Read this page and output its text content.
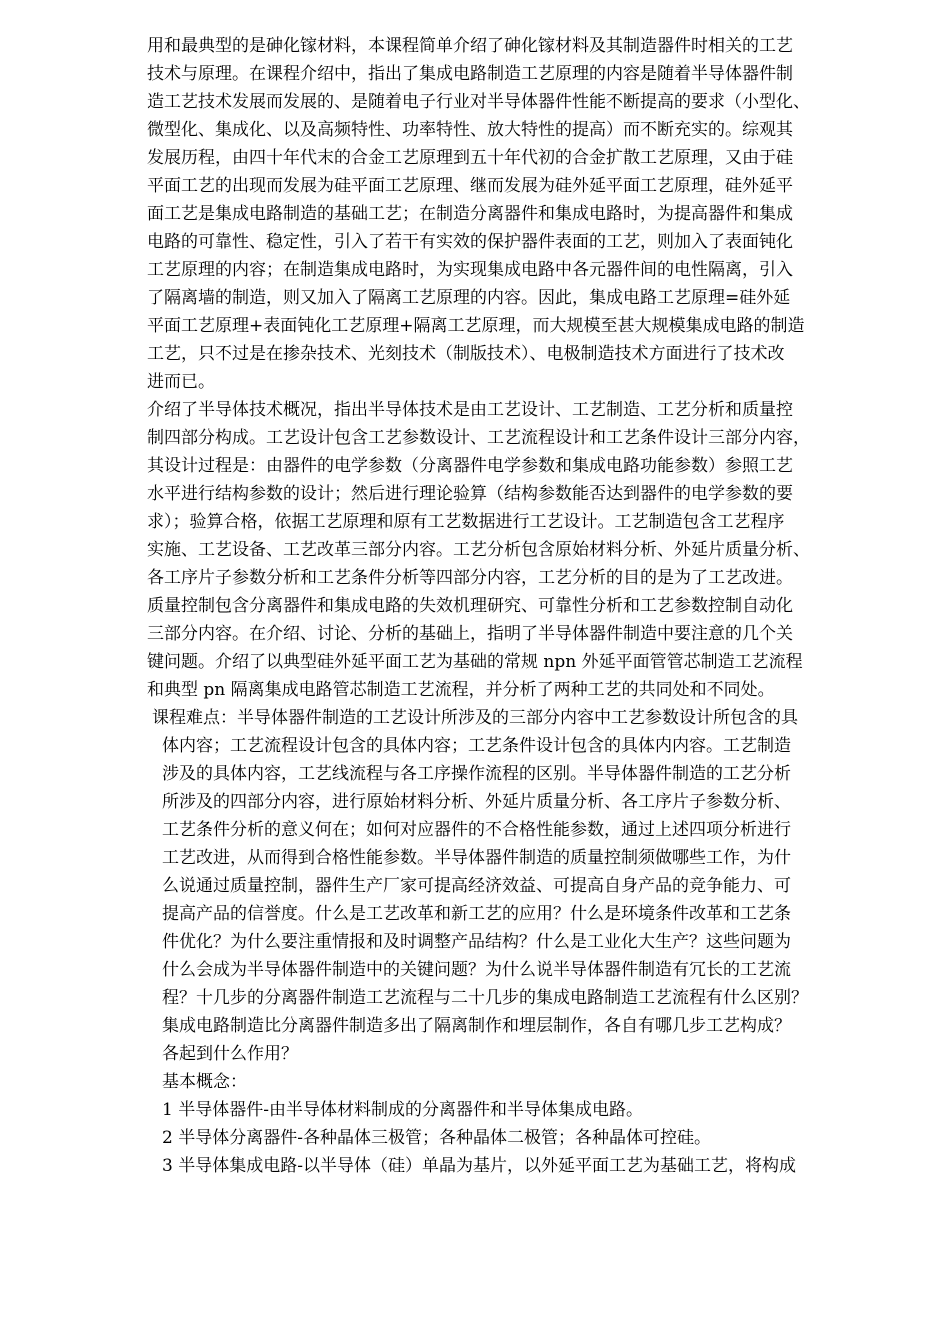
用和最典型的是砷化镓材料，本课程简单介绍了砷化镓材料及其制造器件时相关的工艺

技术与原理。在课程介绍中，指出了集成电路制造工艺原理的内容是随着半导体器件制

造工艺技术发展而发展的、是随着电子行业对半导体器件性能不断提高的要求（小型化、

微型化、集成化、以及高频特性、功率特性、放大特性的提高）而不断充实的。综观其

发展历程，由四十年代末的合金工艺原理到五十年代初的合金扩散工艺原理，又由于硅

平面工艺的出现而发展为硅平面工艺原理、继而发展为硅外延平面工艺原理，硅外延平

面工艺是集成电路制造的基础工艺；在制造分离器件和集成电路时，为提高器件和集成

电路的可靠性、稳定性，引入了若干有实效的保护器件表面的工艺，则加入了表面钝化

工艺原理的内容；在制造集成电路时，为实现集成电路中各元器件间的电性隔离，引入

了隔离墙的制造，则又加入了隔离工艺原理的内容。因此，集成电路工艺原理=硅外延

平面工艺原理+表面钝化工艺原理+隔离工艺原理，而大规模至甚大规模集成电路的制造

工艺，只不过是在掺杂技术、光刻技术（制版技术）、电极制造技术方面进行了技术改

进而已。

介绍了半导体技术概况，指出半导体技术是由工艺设计、工艺制造、工艺分析和质量控

制四部分构成。工艺设计包含工艺参数设计、工艺流程设计和工艺条件设计三部分内容，

其设计过程是：由器件的电学参数（分离器件电学参数和集成电路功能参数）参照工艺

水平进行结构参数的设计；然后进行理论验算（结构参数能否达到器件的电学参数的要

求）；验算合格，依据工艺原理和原有工艺数据进行工艺设计。工艺制造包含工艺程序

实施、工艺设备、工艺改革三部分内容。工艺分析包含原始材料分析、外延片质量分析、

各工序片子参数分析和工艺条件分析等四部分内容，工艺分析的目的是为了工艺改进。

质量控制包含分离器件和集成电路的失效机理研究、可靠性分析和工艺参数控制自动化

三部分内容。在介绍、讨论、分析的基础上，指明了半导体器件制造中要注意的几个关

键问题。介绍了以典型硅外延平面工艺为基础的常规 npn 外延平面管管芯制造工艺流程

和典型 pn 隔离集成电路管芯制造工艺流程，并分析了两种工艺的共同处和不同处。

课程难点：半导体器件制造的工艺设计所涉及的三部分内容中工艺参数设计所包含的具

体内容；工艺流程设计包含的具体内容；工艺条件设计包含的具体内内容。工艺制造

涉及的具体内容，工艺线流程与各工序操作流程的区别。半导体器件制造的工艺分析

所涉及的四部分内容，进行原始材料分析、外延片质量分析、各工序片子参数分析、

工艺条件分析的意义何在；如何对应器件的不合格性能参数，通过上述四项分析进行

工艺改进，从而得到合格性能参数。半导体器件制造的质量控制须做哪些工作，为什

么说通过质量控制，器件生产厂家可提高经济效益、可提高自身产品的竞争能力、可

提高产品的信誉度。什么是工艺改革和新工艺的应用？什么是环境条件改革和工艺条

件优化？为什么要注重情报和及时调整产品结构？什么是工业化大生产？这些问题为

什么会成为半导体器件制造中的关键问题？为什么说半导体器件制造有冗长的工艺流

程？十几步的分离器件制造工艺流程与二十几步的集成电路制造工艺流程有什么区别？

集成电路制造比分离器件制造多出了隔离制作和埋层制作，各自有哪几步工艺构成？

各起到什么作用？

基本概念：

1 半导体器件-由半导体材料制成的分离器件和半导体集成电路。

2 半导体分离器件-各种晶体三极管；各种晶体二极管；各种晶体可控硅。

3 半导体集成电路-以半导体（硅）单晶为基片，以外延平面工艺为基础工艺，将构成
